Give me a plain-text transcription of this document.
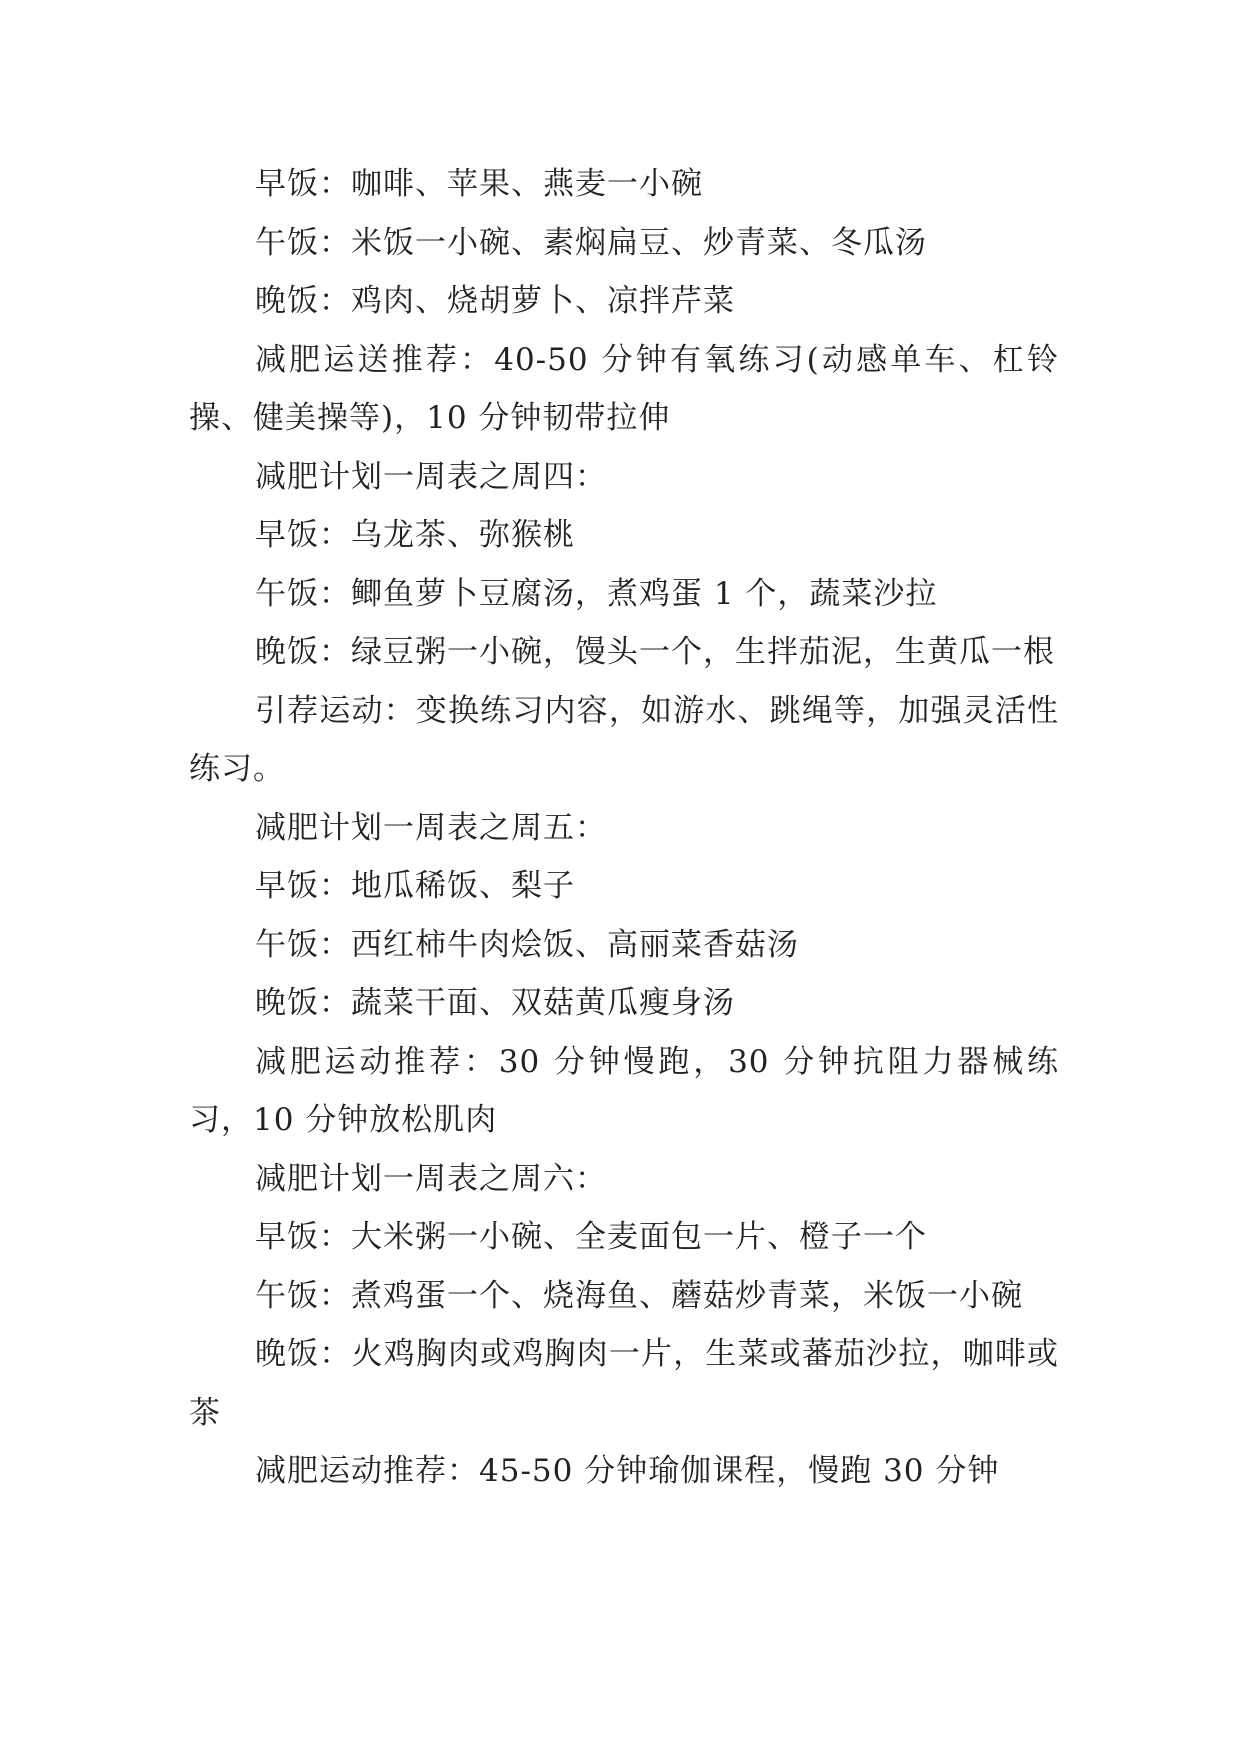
早饭：咖啡、苹果、燕麦一小碗

午饭：米饭一小碗、素焖扁豆、炒青菜、冬瓜汤

晚饭：鸡肉、烧胡萝卜、凉拌芹菜

减肥运送推荐：40-50 分钟有氧练习(动感单车、杠铃操、健美操等)，10 分钟韧带拉伸

减肥计划一周表之周四：

早饭：乌龙茶、弥猴桃

午饭：鲫鱼萝卜豆腐汤，煮鸡蛋 1 个，蔬菜沙拉

晚饭：绿豆粥一小碗，馒头一个，生拌茄泥，生黄瓜一根

引荐运动：变换练习内容，如游水、跳绳等，加强灵活性练习。

减肥计划一周表之周五：

早饭：地瓜稀饭、梨子

午饭：西红柿牛肉烩饭、高丽菜香菇汤

晚饭：蔬菜干面、双菇黄瓜瘦身汤

减肥运动推荐：30 分钟慢跑，30 分钟抗阻力器械练习，10 分钟放松肌肉

减肥计划一周表之周六：

早饭：大米粥一小碗、全麦面包一片、橙子一个

午饭：煮鸡蛋一个、烧海鱼、蘑菇炒青菜，米饭一小碗

晚饭：火鸡胸肉或鸡胸肉一片，生菜或蕃茄沙拉，咖啡或茶

减肥运动推荐：45-50 分钟瑜伽课程，慢跑 30 分钟
